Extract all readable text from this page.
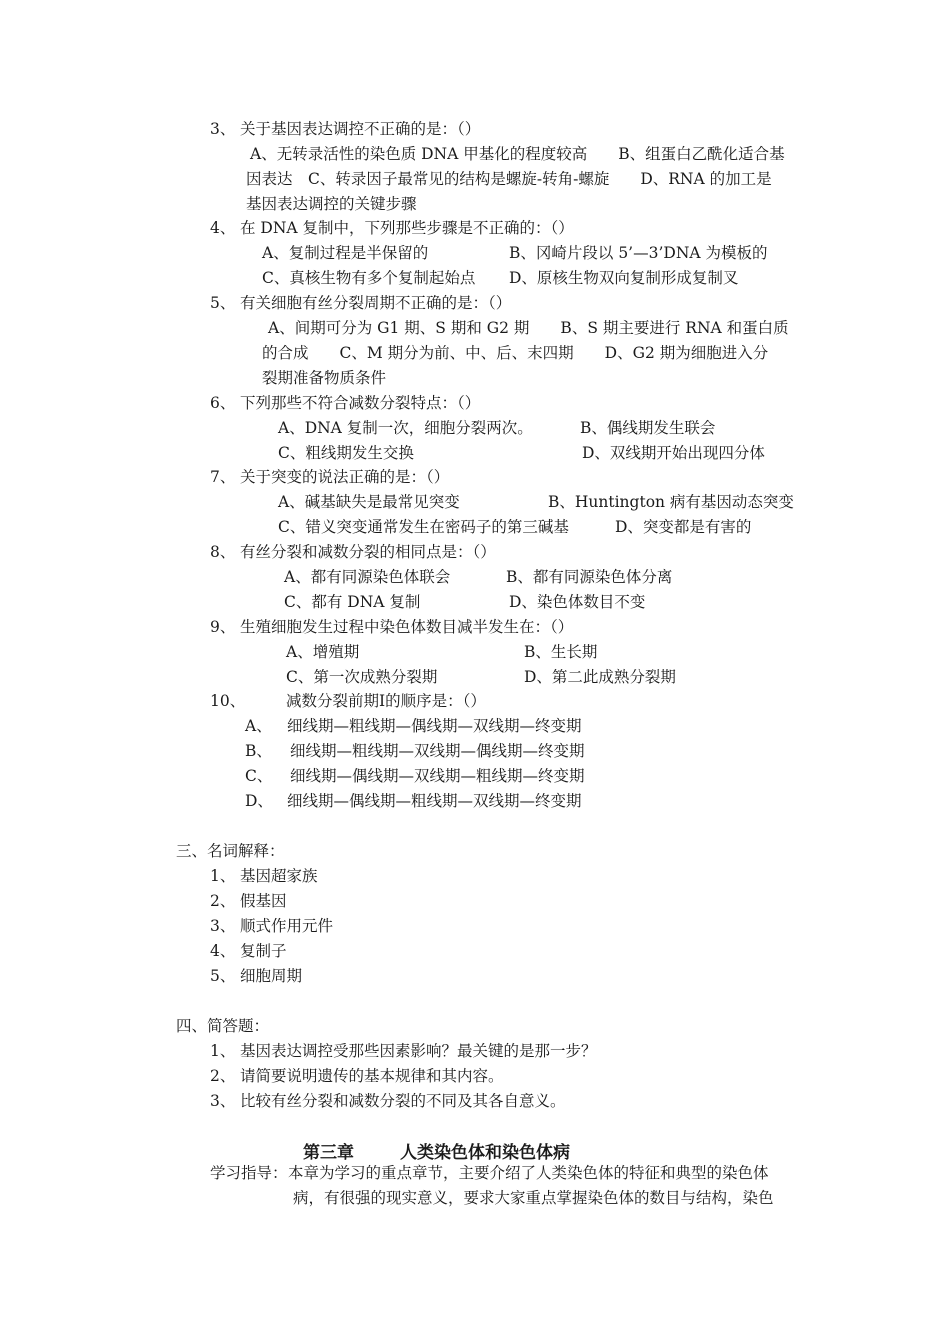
3、 关于基因表达调控不正确的是：（）
A、无转录活性的染色质 DNA 甲基化的程度较高　　B、组蛋白乙酰化适合基
因表达　C、转录因子最常见的结构是螺旋-转角-螺旋　　D、RNA 的加工是
基因表达调控的关键步骤
4、 在 DNA 复制中，下列那些步骤是不正确的：（）
A、复制过程是半保留的	B、冈崎片段以 5’—3’DNA 为模板的
C、真核生物有多个复制起始点 D、原核生物双向复制形成复制叉
5、 有关细胞有丝分裂周期不正确的是：（）
A、间期可分为 G1 期、S 期和 G2 期　　B、S 期主要进行 RNA 和蛋白质
的合成　　C、M 期分为前、中、后、末四期　　D、G2 期为细胞进入分
裂期准备物质条件
6、 下列那些不符合减数分裂特点：（）
A、DNA 复制一次，细胞分裂两次。	B、偶线期发生联会
C、粗线期发生交换	D、双线期开始出现四分体
7、 关于突变的说法正确的是：（）
A、碱基缺失是最常见突变	B、Huntington 病有基因动态突变
C、错义突变通常发生在密码子的第三碱基	D、突变都是有害的
8、 有丝分裂和减数分裂的相同点是：（）
A、都有同源染色体联会	B、都有同源染色体分离
C、都有 DNA 复制	D、染色体数目不变
9、 生殖细胞发生过程中染色体数目减半发生在：（）
A、增殖期	B、生长期
C、第一次成熟分裂期	D、第二此成熟分裂期
10、	减数分裂前期Ⅰ的顺序是：（）
A、 细线期—粗线期—偶线期—双线期—终变期
B、 细线期—粗线期—双线期—偶线期—终变期
C、 细线期—偶线期—双线期—粗线期—终变期
D、 细线期—偶线期—粗线期—双线期—终变期
三、名词解释：
1、 基因超家族
2、 假基因
3、 顺式作用元件
4、 复制子
5、 细胞周期
四、简答题：
1、 基因表达调控受那些因素影响？最关键的是那一步？
2、 请简要说明遗传的基本规律和其内容。
3、 比较有丝分裂和减数分裂的不同及其各自意义。
第三章	人类染色体和染色体病
学习指导： 本章为学习的重点章节，主要介绍了人类染色体的特征和典型的染色体
病，有很强的现实意义，要求大家重点掌握染色体的数目与结构，染色
